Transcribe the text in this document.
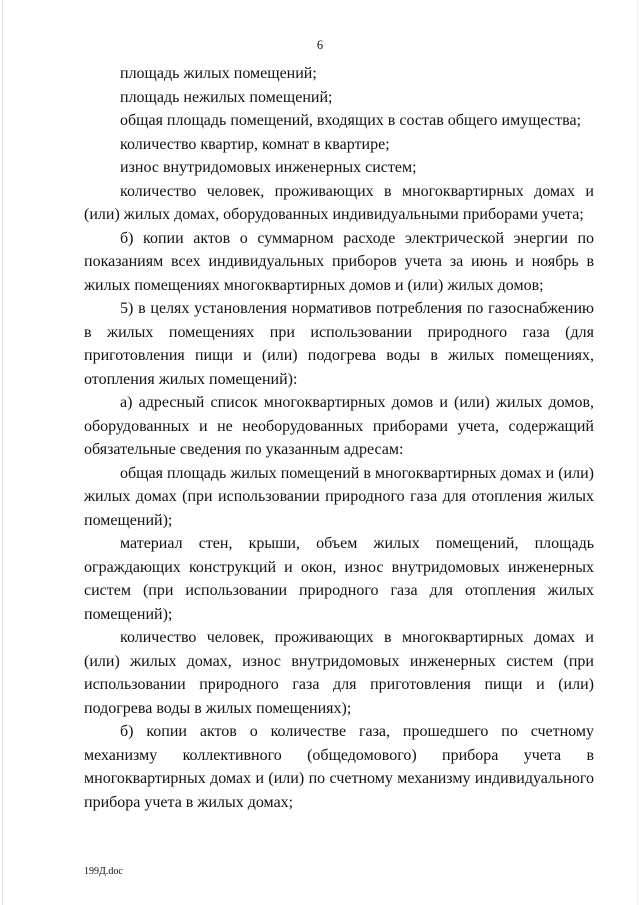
6

площадь жилых помещений;

площадь нежилых помещений;

общая площадь помещений, входящих в состав общего имущества;

количество квартир, комнат в квартире;

износ внутридомовых инженерных систем;

количество человек, проживающих в многоквартирных домах и (или) жилых домах, оборудованных индивидуальными приборами учета;

б) копии актов о суммарном расходе электрической энергии по показаниям всех индивидуальных приборов учета за июнь и ноябрь в жилых помещениях многоквартирных домов и (или) жилых домов;

5) в целях установления нормативов потребления по газоснабжению в жилых помещениях при использовании природного газа (для приготовления пищи и (или) подогрева воды в жилых помещениях, отопления жилых помещений):

а) адресный список многоквартирных домов и (или) жилых домов, оборудованных и не необорудованных приборами учета, содержащий обязательные сведения по указанным адресам:

общая площадь жилых помещений в многоквартирных домах и (или) жилых домах (при использовании природного газа для отопления жилых помещений);

материал стен, крыши, объем жилых помещений, площадь ограждающих конструкций и окон, износ внутридомовых инженерных систем (при использовании природного газа для отопления жилых помещений);

количество человек, проживающих в многоквартирных домах и (или) жилых домах, износ внутридомовых инженерных систем (при использовании природного газа для приготовления пищи и (или) подогрева воды в жилых помещениях);

б) копии актов о количестве газа, прошедшего по счетному механизму коллективного (общедомового) прибора учета в многоквартирных домах и (или) по счетному механизму индивидуального прибора учета в жилых домах;

199Д.doc
